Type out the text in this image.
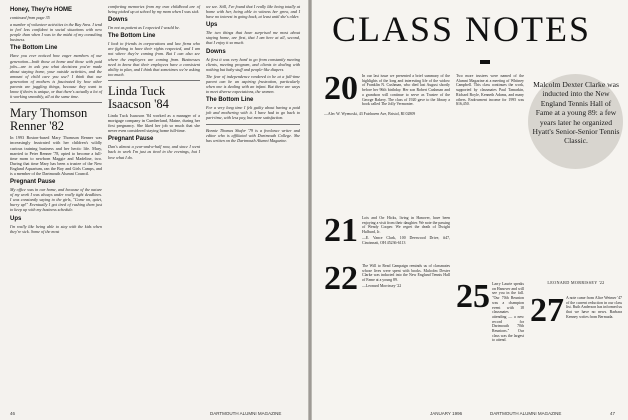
Honey, They're HOME

continued from page 35

a number of volunteer activities in the Bay Area. I tend to feel less confident in social situations with new people than when I was in the midst of my consulting business.

The Bottom Line

Have you ever noticed how eager members of our generation—both those at home and those with paid jobs—are to ask you what decisions you've made about staying home, your outside activities, and the amount of child care you use? I think that our generation of mothers is fascinated by how other parents are juggling things, because they want to know if theirs is unique, or that there's actually a lot of it working smoothly, all at the same time.

Mary Thomson Renner '82

In 1993 Boston-based Mary Thomson Renner was increasingly frustrated with her children's wildly curious training business and her hectic life. Mary, married to Peter Renner '78, opted to become a full-time mom to newborn Maggie and Madeline, two. During that time Mary has been a trustee of the New England Aquarium, ran the Boy and Girls Camps, and is a member of the Dartmouth Alumni Council.

Pregnant Pause

My office was in our home, and because of the nature of my work I was always under really tight deadlines. I was constantly saying to the girls, "Come on, quiet, hurry up!" Eventually I got tired of rushing them just to keep up with my business schedule.

Ups

I'm really like being able to stay with the kids when they're sick. Some of the most

comforting memories from my own childhood are of being picked up at school by my mom when I was sick.

Downs

I'm not as patient as I expected I would be.

The Bottom Line

I look to friends in corporations and law firms who are fighting to have their rights respected, and I am not where they're coming from. But I can also see where the employers are coming from. Businesses need to know that their employees have a consistent ability to plan, and I think that sometimes we're asking too much.

Linda Tuck Isaacson '84

Linda Tuck Isaacson '84 worked as a manager of a mortgage company in Cumberland, Maine, during her first pregnancy. She liked her job so much that she never even considered staying home full-time.

Pregnant Pause

Dan's almost a year-and-a-half now, and since I went back to work I'm just as tired in the evenings, but I love what I do.

we see. Still, I've found that I really like being totally at home with her, being able to witness her grow, and I have no interest in going back, at least until she's older.

Ups

The two things that have surprised me most about staying home, are first, that I am here at all, second, that I enjoy it so much.

Downs

At first it was very hard to go from constantly meeting clients, meeting program, and clients in dealing with nothing but baby stuff and people-like diapers.

The fear of independence rendered to be at a full-time parent can be an aspiring frustration, particularly when one is dealing with an infant. But there are ways to meet diverse expectations, the women.

The Bottom Line

For a very long time I felt guilty about having a paid job and mothering with it. I have had to go back to part-time, with less pay, but more satisfaction.

Bonnie Thomas Shafer '79 is a freelance writer and editor who is affiliated with Dartmouth College. She has written on the Dartmouth Alumni Magazine.

46	DARTMOUTH ALUMNI MAGAZINE
CLASS NOTES
20 In our last issue we presented a brief summary of the highlights of the long and interesting life of the widow of Franklin N. Cushman, who died last August shortly before her 96th birthday. Her son Robert Cushman and a grandson will continue to serve as Trustee of the George Bakery. The class of 1920 gave to the library a book called The Jolly Vermonter.

—Alec W. Wyenoski, 43 Fairhaven Ave, Bristol, RI 02809

21 Lois and Orr Hicks, living in Hanover, have been enjoying a visit from their daughter. We note the passing of Wendy Cooper. We regret the death of Dwight Hulburd, Jr.

—E. Vance Clark, 100 Deerwood Drive, #47, Cincinnati, OH 45236-6113

22 The Will to Read Campaign reminds us of classmates whose lives were spent with books. Malcolm Dexter Clarke was inducted into the New England Tennis Hall of Fame at a young 89.

—Leonard Morrissey '22

Two more trustees were named of the Alumni Magazine at a meeting of Whitney Campbell. This class continues the work, supported by classmates Paul Tamarkin, Richard Boyle, Kenneth Adams, and many others. Endowment income for 1995 was $16,450.

25 Larry Laurie speaks on Hanover and will see you in the fall. "Our 70th Reunion was a champion event with 18 classmates attending — a new record for Dartmouth 70th Reunions." Our class was the largest to attend.

27 A note came from Alice Weimer '47 of the current reduction in our class list. Ruth Anderson has informed us that we have no news. Barbara Kenney writes from Bermuda.

Malcolm Dexter Clarke was inducted into the New England Tennis Hall of Fame at a young 89: a few years later he organized Hyatt's Senior-Senior Tennis Classic.
LEONARD MORRISSEY '22
JANUARY 1996	DARTMOUTH ALUMNI MAGAZINE	47
